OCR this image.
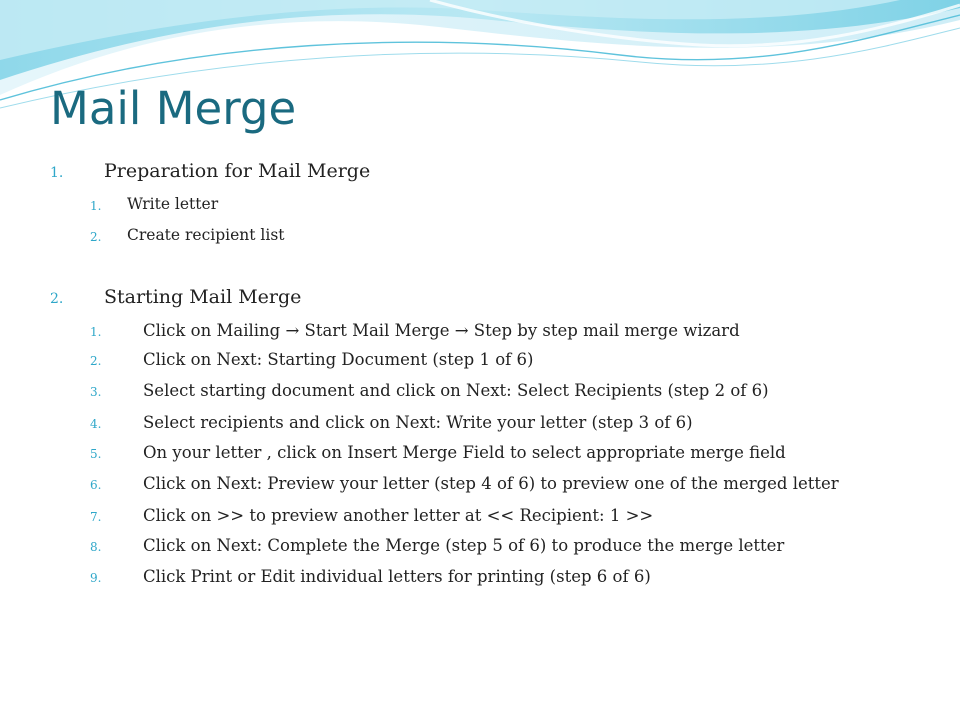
Mail Merge
1. Preparation for Mail Merge
1. Write letter
2. Create recipient list
2. Starting Mail Merge
1.	Click on Mailing → Start Mail Merge → Step by step mail merge wizard
2.	Click on Next: Starting Document (step 1 of 6)
3.	Select starting document and click on Next: Select Recipients (step 2 of 6)
4.	Select recipients and click on Next: Write your letter (step 3 of 6)
5.	On your letter , click on Insert Merge Field to select appropriate merge field
6.	Click on Next: Preview your letter (step 4 of 6) to preview one of the merged letter
7.	Click on >> to preview another letter at << Recipient: 1 >>
8.	Click on Next: Complete the Merge (step 5 of 6) to produce the merge letter
9.	Click Print or Edit individual letters for printing (step 6 of 6)
